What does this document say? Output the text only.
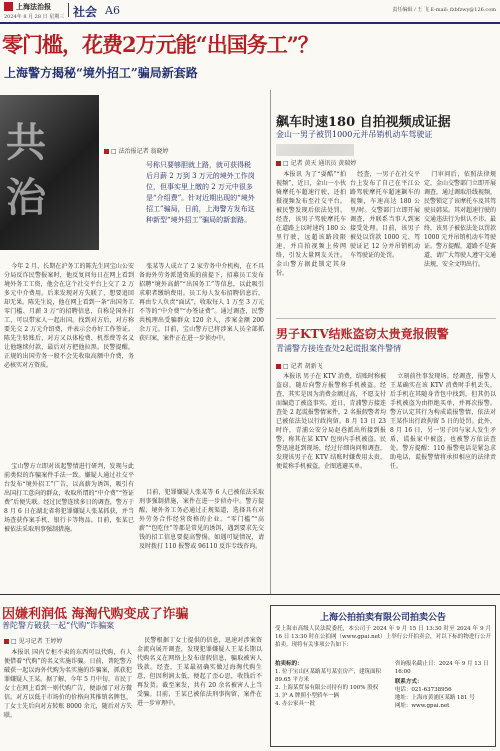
上海法治报
2024年 8 月 28 日 星期三 社会 A6	责任编辑 / 王 飞 E-mail: fzbfzwy@126.com
零门槛，花费2万元能“出国务工”？
上海警方揭秘“境外招工”骗局新套路
共 治
□ 法治报记者 翁晓婷
号称只要够胆就上路，就可获得税后月薪 2 万到 3 万元的境外工作岗位，但事实里上缴的 2 万元中很多是“介绍费”。针对近期出现的“境外招工”骗局，日前，上海警方发布这种新型“境外招工”骗局的新套路。

今年 2 月，长期在沪务工的陈先生同宝山公安分局反诈民警报案时，他反复问每日在网上看到境外务工工资，他会在这个社交平台上交了 2 万多元中介费用。后来发现对方失联了，想要追回却无果。陈先生说，他在网上看到一条“出国务工零门槛、月薪 3 万“的招聘信息，自称是国外打工，可以带家人一起出国。找到对方后，对方称要先交 2 万元介绍费，并表示会办好工作签证。陈先生转账后，对方又以体检费、机票费等名义让他继续付款，最后对方把他拉黑。民警提醒，正规的出国劳务一般不会先收取高额中介费，务必核实对方资质。

宝山警方立即对该起警情进行研判，发现与此前类似的诈骗案件手法一致。嫌疑人通过社交平台发布“境外招工”广告，以高薪为诱饵，吸引有出国打工意向的群众，收取所谓的“中介费”“签证费”后便失联。经过民警连续多日的调查，警方于 8 月 6 日在湖北省将犯罪嫌疑人张某抓获，并当场查获作案手机、银行卡等物品。目前，张某已被依法采取刑事强制措施。

张某等人成立了 2 家劳务中介机构，在不具备海外劳务派遣资质的前提下，招募员工发布招聘“境外高薪”“出国务工”等信息，以此吸引求职者缴纳费用。员工每人发布招聘信息后，再由专人负责“面试”，收取每人 1 万至 3 万元不等的“中介费”“办签证费”。通过调查，民警共梳理出受骗群众 120 余人，涉案金额 200 余万元。目前，宝山警方已将涉案人员全部抓获归案，案件正在进一步侦办中。

目前，犯罪嫌疑人张某等 6 人已被依法采取刑事强制措施，案件在进一步侦办中。警方提醒，境外务工务必通过正规渠道，选择具有对外劳务合作经营资格的企业。“零门槛”“高薪”“包吃住”等都是常见的诱饵，遇到要求先交钱的招工信息要提高警惕。如遇可疑情况，请及时拨打 110 报警或 96110 反诈专线咨询。

飙车时速180 自拍视频成证据
金山一男子被罚1000元并吊销机动车驾驶证
□ 记者 黄天 通讯员 黄瑞婷

本报讯 为了“耍酷”“拍视频”，近日，金山一小伙骑摩托车超速行驶，还拍摄视频发布至社交平台。被民警发现后依法处罚。经查，该男子驾驶摩托车在道路上以时速约 180 公里行驶，远超该路段限速，并自拍视频上传网络，引发大量网友关注。金山警方据此锁定其身份。

经查，一男子在社交平台上发布了自己在平江公路驾驶摩托车超速飙车的视频，车速高达 180 公里/时。交警部门立即开展调查，并联系当事人到案接受处理。目前，该男子被处以罚款 1000 元、驾驶证记 12 分并吊销机动车驾驶证的处罚。

门审问后，依照法律规定，金山交警部门立即开展调查，通过调取沿线视频，民警锁定了该摩托车及其驾驶员韩某。其对超速行驶的交通违法行为供认不讳。最终，该男子被依法处以罚款 1000 元并吊销机动车驾驶证。警方提醒，道路不是赛道，请广大驾驶人遵守交通法规，安全文明出行。

男子KTV结账盗窃太贵竟报假警
青浦警方接连查处2起谎报案件警情
□ 记者 胡新飞

本报讯 男子在 KTV 消费，结账时称被盗窃，随后向警方报警称手机被盗。经查，其实是因为消费金额过高，不愿支付而编造了被盗事实。近日，青浦警方接连查处 2 起谎报警情案件，2 名报假警者均已被依法处以行政拘留。8 月 13 日 23 时许，青浦公安分局赵巷派出所接到报警，称其在某 KTV 包房内手机被盗。民警迅速赶到现场，经过仔细询问和调查，发现该男子在 KTV 结账时嫌费用太贵，便谎称手机被盗，企图逃避买单。

立刻前往事发现场。经调查，报警人王某确实在该 KTV 消费时手机丢失，后手机在其随身背包中找到，但其仍以手机被盗为由拒绝买单，并再次报警。警方认定其行为构成谎报警情，依法对王某作出行政拘留 5 日的处罚。此外，8 月 16 日，另一男子因与家人发生矛盾，谎报家中被盗，也被警方依法查处。警方提醒：110 报警电话是紧急求助电话，谎报警情将承担相应的法律责任。

因嫌利润低 海淘代购变成了诈骗
普陀警方破获一起“代购”诈骗案
□ 见习记者 王婷婷

本报讯 国内专柜不卖的东西可以代购，有人便借着“代购”的名义实施诈骗。日前，普陀警方破获一起以海外代购为名实施的诈骗案，抓获犯罪嫌疑人王某。据了解，今年 5 月中旬，市民丁女士在网上看到一则代购广告，便添加了对方微信。对方以低于市场价的价格向其推销名牌包，丁女士先后向对方转账 8000 余元，随后对方失联。

民警根据丁女士提供的信息，迅速对涉案资金流向展开调查，发现犯罪嫌疑人王某长期以代购名义在网络上发布虚假信息，骗取被害人钱款。经查，王某最初确实做过海淘代购生意，但因利润太低，便起了歪心思，收钱后不再发货。截至案发，共有 20 余名被害人上当受骗。目前，王某已被依法刑事拘留，案件在进一步审理中。

上海公拍拍卖有限公司拍卖公告
受上海市高级人民法院委托，本公司于 2024 年 9 月 15 日 13:30 时至 2024 年 9 月 16 日 13:30 时在公拍网（www.gpai.net）上举行公开拍卖会，对以下标的物进行公开拍卖。现将有关事项公告如下：
拍卖标的：
1. 位于宝山区某路某号某室房产，建筑面积 89.65 平方米
2. 上海某贸易有限公司持有的 100% 股权
3. 沪 A 牌照小型轿车一辆
4. 办公家具一批
咨询报名截止日：2024 年 9 月 13 日 16:00
联系方式：
电话：021-63738956
地址：上海市黄浦区某路 181 号
网址：www.gpai.net
